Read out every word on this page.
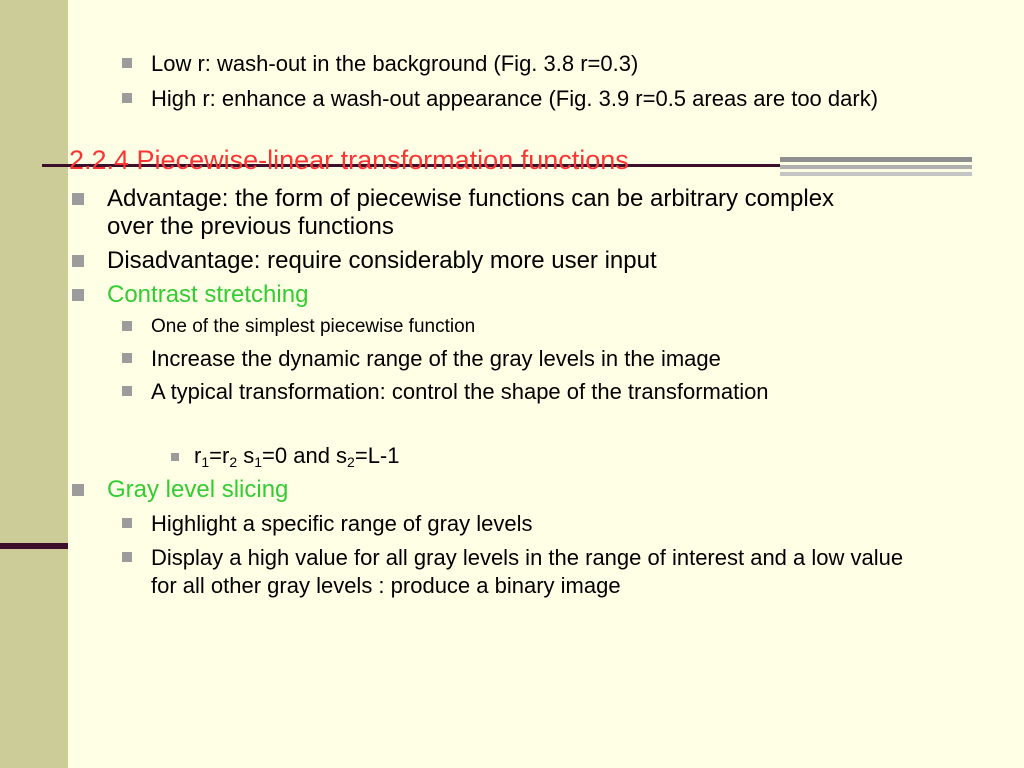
Low r: wash-out in the background (Fig. 3.8 r=0.3)

High r: enhance a wash-out appearance (Fig. 3.9 r=0.5 areas are too dark)

2.2.4 Piecewise-linear transformation functions

Advantage: the form of piecewise functions can be arbitrary complex over the previous functions

Disadvantage: require considerably more user input

Contrast stretching

One of the simplest piecewise function

Increase the dynamic range of the gray levels in the image

A typical transformation: control the shape of the transformation

$r_1=r_2$ $s_1=0$ and $s_2=L-1$

Gray level slicing

Highlight a specific range of gray levels

Display a high value for all gray levels in the range of interest and a low value for all other gray levels : produce a binary image
